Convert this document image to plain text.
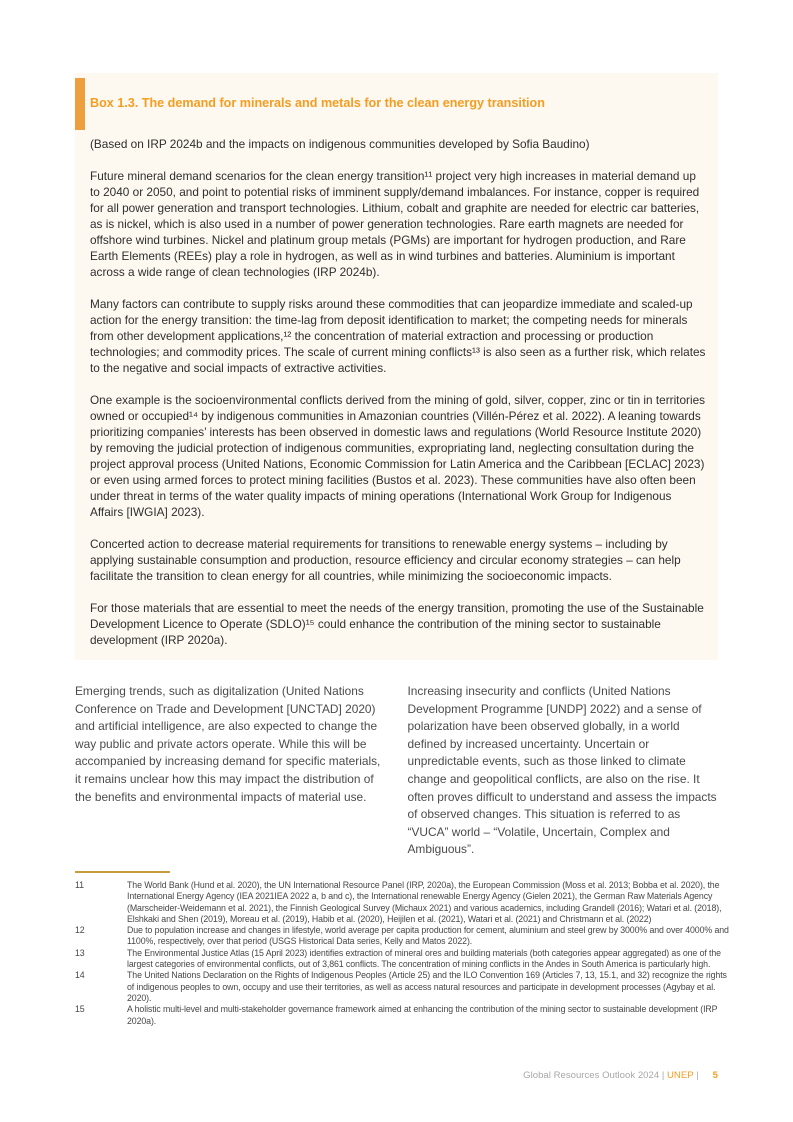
Box 1.3. The demand for minerals and metals for the clean energy transition

(Based on IRP 2024b and the impacts on indigenous communities developed by Sofia Baudino)

Future mineral demand scenarios for the clean energy transition¹¹ project very high increases in material demand up to 2040 or 2050, and point to potential risks of imminent supply/demand imbalances. For instance, copper is required for all power generation and transport technologies. Lithium, cobalt and graphite are needed for electric car batteries, as is nickel, which is also used in a number of power generation technologies. Rare earth magnets are needed for offshore wind turbines. Nickel and platinum group metals (PGMs) are important for hydrogen production, and Rare Earth Elements (REEs) play a role in hydrogen, as well as in wind turbines and batteries. Aluminium is important across a wide range of clean technologies (IRP 2024b).

Many factors can contribute to supply risks around these commodities that can jeopardize immediate and scaled-up action for the energy transition: the time-lag from deposit identification to market; the competing needs for minerals from other development applications,¹² the concentration of material extraction and processing or production technologies; and commodity prices. The scale of current mining conflicts¹³ is also seen as a further risk, which relates to the negative and social impacts of extractive activities.

One example is the socioenvironmental conflicts derived from the mining of gold, silver, copper, zinc or tin in territories owned or occupied¹⁴ by indigenous communities in Amazonian countries (Villén-Pérez et al. 2022). A leaning towards prioritizing companies’ interests has been observed in domestic laws and regulations (World Resource Institute 2020) by removing the judicial protection of indigenous communities, expropriating land, neglecting consultation during the project approval process (United Nations, Economic Commission for Latin America and the Caribbean [ECLAC] 2023) or even using armed forces to protect mining facilities (Bustos et al. 2023). These communities have also often been under threat in terms of the water quality impacts of mining operations (International Work Group for Indigenous Affairs [IWGIA] 2023).

Concerted action to decrease material requirements for transitions to renewable energy systems – including by applying sustainable consumption and production, resource efficiency and circular economy strategies – can help facilitate the transition to clean energy for all countries, while minimizing the socioeconomic impacts.

For those materials that are essential to meet the needs of the energy transition, promoting the use of the Sustainable Development Licence to Operate (SDLO)¹⁵ could enhance the contribution of the mining sector to sustainable development (IRP 2020a).

Emerging trends, such as digitalization (United Nations Conference on Trade and Development [UNCTAD] 2020) and artificial intelligence, are also expected to change the way public and private actors operate. While this will be accompanied by increasing demand for specific materials, it remains unclear how this may impact the distribution of the benefits and environmental impacts of material use.
Increasing insecurity and conflicts (United Nations Development Programme [UNDP] 2022) and a sense of polarization have been observed globally, in a world defined by increased uncertainty. Uncertain or unpredictable events, such as those linked to climate change and geopolitical conflicts, are also on the rise. It often proves difficult to understand and assess the impacts of observed changes. This situation is referred to as “VUCA” world – “Volatile, Uncertain, Complex and Ambiguous”.
11	The World Bank (Hund et al. 2020), the UN International Resource Panel (IRP, 2020a), the European Commission (Moss et al. 2013; Bobba et al. 2020), the International Energy Agency (IEA 2021IEA 2022 a, b and c), the International renewable Energy Agency (Gielen 2021), the German Raw Materials Agency (Marscheider-Weidemann et al. 2021), the Finnish Geological Survey (Michaux 2021) and various academics, including Grandell (2016); Watari et al. (2018), Elshkaki and Shen (2019), Moreau et al. (2019), Habib et al. (2020), Heijilen et al. (2021), Watari et al. (2021) and Christmann et al. (2022)
12	Due to population increase and changes in lifestyle, world average per capita production for cement, aluminium and steel grew by 3000% and over 4000% and 1100%, respectively, over that period (USGS Historical Data series, Kelly and Matos 2022).
13	The Environmental Justice Atlas (15 April 2023) identifies extraction of mineral ores and building materials (both categories appear aggregated) as one of the largest categories of environmental conflicts, out of 3,861 conflicts. The concentration of mining conflicts in the Andes in South America is particularly high.
14	The United Nations Declaration on the Rights of Indigenous Peoples (Article 25) and the ILO Convention 169 (Articles 7, 13, 15.1, and 32) recognize the rights of indigenous peoples to own, occupy and use their territories, as well as access natural resources and participate in development processes (Agybay et al. 2020).
15	A holistic multi-level and multi-stakeholder governance framework aimed at enhancing the contribution of the mining sector to sustainable development (IRP 2020a).
Global Resources Outlook 2024 | UNEP | 5
